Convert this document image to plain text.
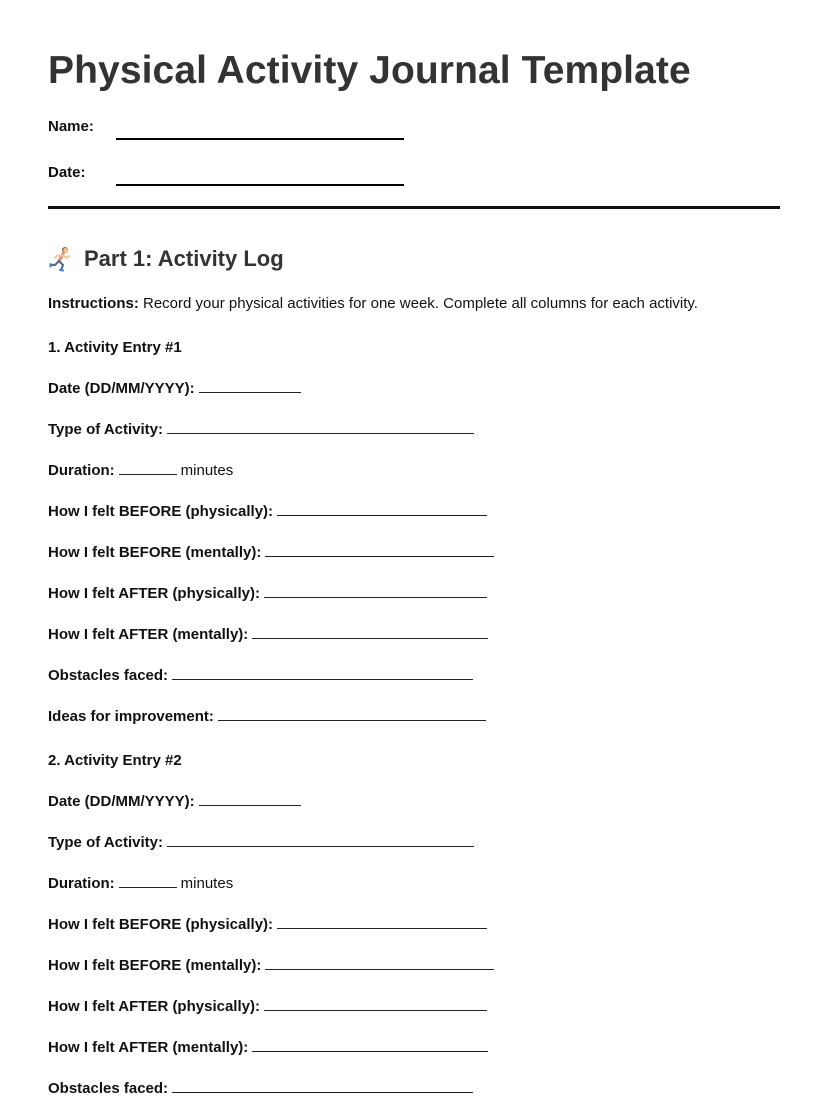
Physical Activity Journal Template
Name:
Date:
Part 1: Activity Log
Instructions: Record your physical activities for one week. Complete all columns for each activity.
1. Activity Entry #1
Date (DD/MM/YYYY):
Type of Activity:
Duration:	minutes
How I felt BEFORE (physically):
How I felt BEFORE (mentally):
How I felt AFTER (physically):
How I felt AFTER (mentally):
Obstacles faced:
Ideas for improvement:
2. Activity Entry #2
Date (DD/MM/YYYY):
Type of Activity:
Duration:	minutes
How I felt BEFORE (physically):
How I felt BEFORE (mentally):
How I felt AFTER (physically):
How I felt AFTER (mentally):
Obstacles faced:
